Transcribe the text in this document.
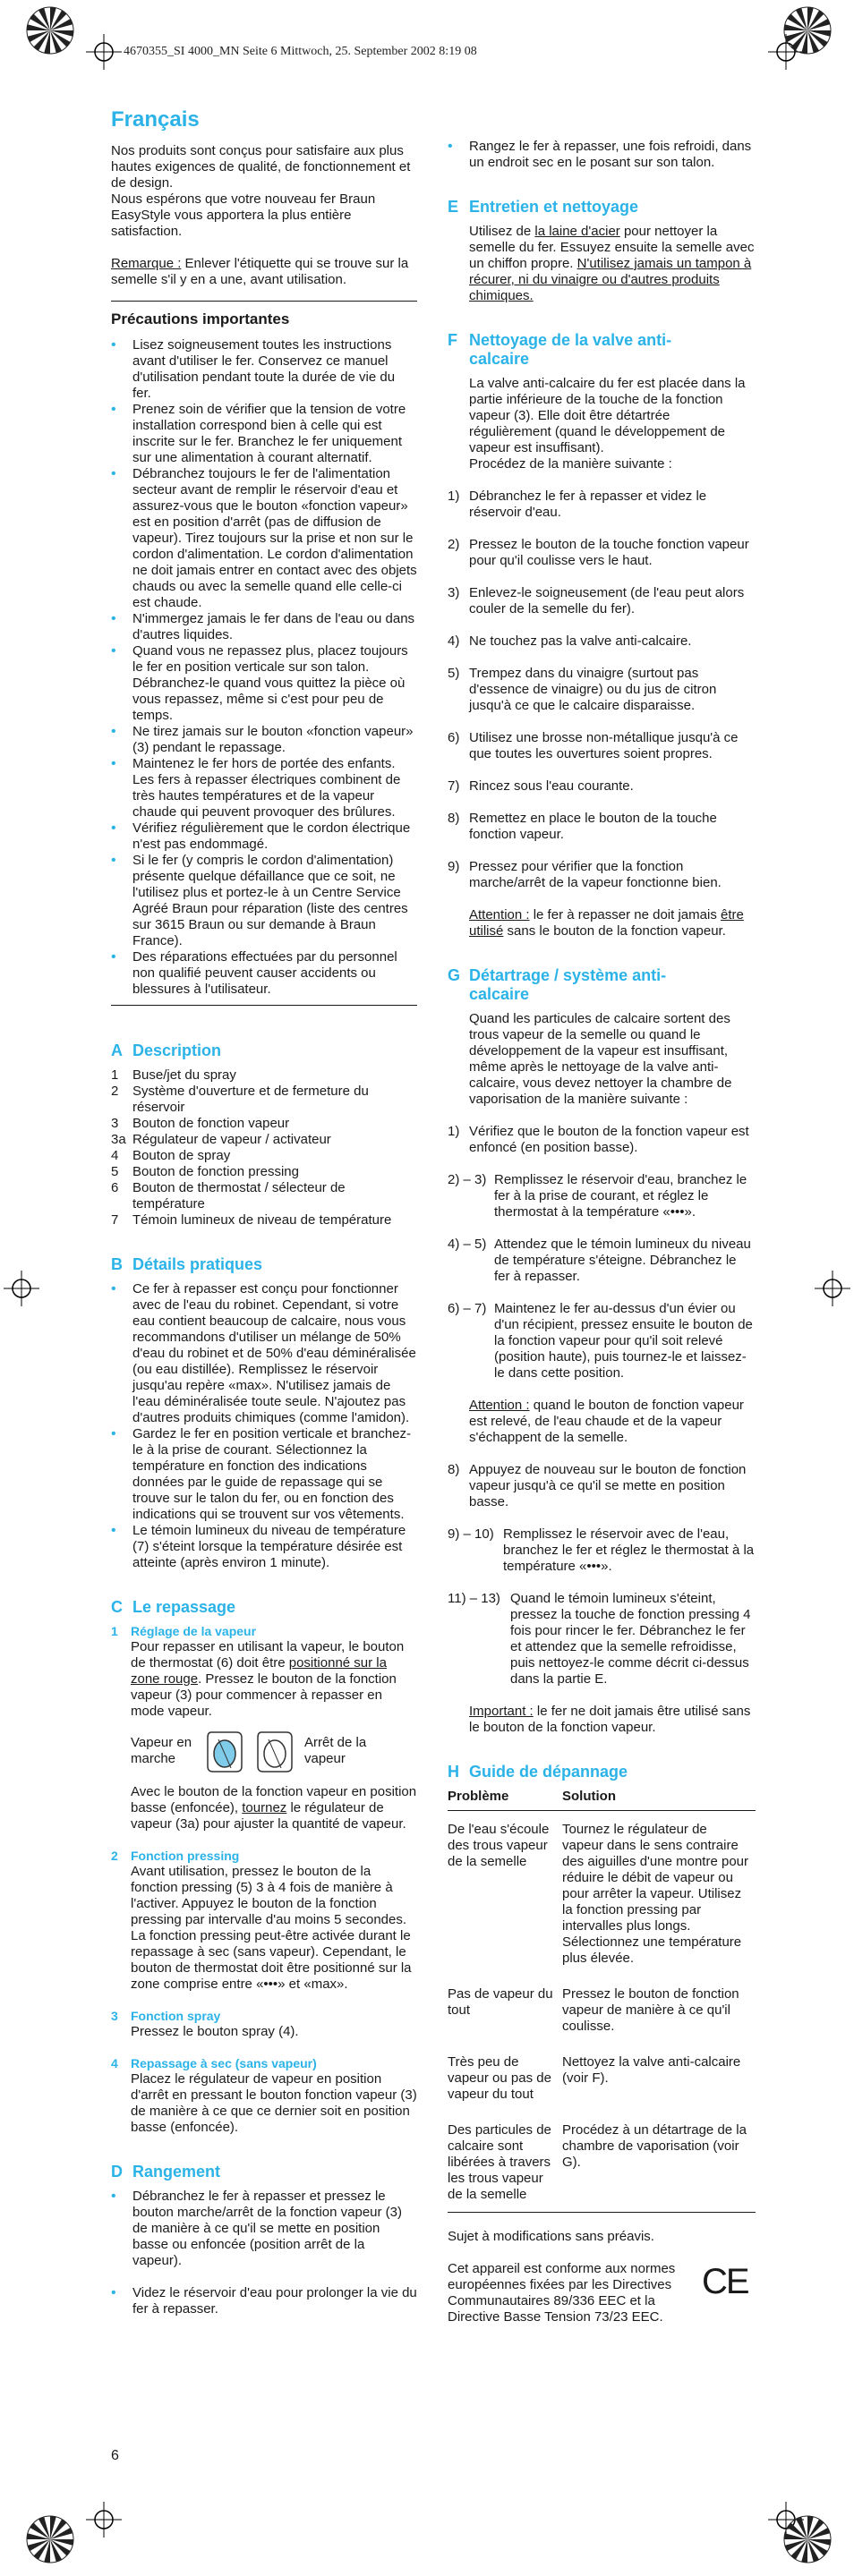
4670355_SI 4000_MN Seite 6 Mittwoch, 25. September 2002 8:19 08
Français

Nos produits sont conçus pour satisfaire aux plus hautes exigences de qualité, de fonctionnement et de design.

Nous espérons que votre nouveau fer Braun EasyStyle vous apportera la plus entière satisfaction.

Remarque : Enlever l'étiquette qui se trouve sur la semelle s'il y en a une, avant utilisation.

Précautions importantes
• Lisez soigneusement toutes les instructions avant d'utiliser le fer. Conservez ce manuel d'utilisation pendant toute la durée de vie du fer.
• Prenez soin de vérifier que la tension de votre installation correspond bien à celle qui est inscrite sur le fer. Branchez le fer uniquement sur une alimentation à courant alternatif.
• Débranchez toujours le fer de l'alimentation secteur avant de remplir le réservoir d'eau et assurez-vous que le bouton «fonction vapeur» est en position d'arrêt (pas de diffusion de vapeur). Tirez toujours sur la prise et non sur le cordon d'alimentation. Le cordon d'alimentation ne doit jamais entrer en contact avec des objets chauds ou avec la semelle quand elle celle-ci est chaude.
• N'immergez jamais le fer dans de l'eau ou dans d'autres liquides.
• Quand vous ne repassez plus, placez toujours le fer en position verticale sur son talon. Débranchez-le quand vous quittez la pièce où vous repassez, même si c'est pour peu de temps.
• Ne tirez jamais sur le bouton «fonction vapeur» (3) pendant le repassage.
• Maintenez le fer hors de portée des enfants. Les fers à repasser électriques combinent de très hautes températures et de la vapeur chaude qui peuvent provoquer des brûlures.
• Vérifiez régulièrement que le cordon électrique n'est pas endommagé.
• Si le fer (y compris le cordon d'alimentation) présente quelque défaillance que ce soit, ne l'utilisez plus et portez-le à un Centre Service Agréé Braun pour réparation (liste des centres sur 3615 Braun ou sur demande à Braun France).
• Des réparations effectuées par du personnel non qualifié peuvent causer accidents ou blessures à l'utilisateur.
A Description
1	Buse/jet du spray
2	Système d'ouverture et de fermeture du réservoir
3	Bouton de fonction vapeur
3a Régulateur de vapeur / activateur
4	Bouton de spray
5	Bouton de fonction pressing
6	Bouton de thermostat / sélecteur de température
7	Témoin lumineux de niveau de température
B Détails pratiques
• Ce fer à repasser est conçu pour fonctionner avec de l'eau du robinet. Cependant, si votre eau contient beaucoup de calcaire, nous vous recommandons d'utiliser un mélange de 50% d'eau du robinet et de 50% d'eau déminéralisée (ou eau distillée). Remplissez le réservoir jusqu'au repère «max». N'utilisez jamais de l'eau déminéralisée toute seule. N'ajoutez pas d'autres produits chimiques (comme l'amidon).
• Gardez le fer en position verticale et branchez-le à la prise de courant. Sélectionnez la température en fonction des indications données par le guide de repassage qui se trouve sur le talon du fer, ou en fonction des indications qui se trouvent sur vos vêtements.
• Le témoin lumineux du niveau de température (7) s'éteint lorsque la température désirée est atteinte (après environ 1 minute).
C Le repassage
1	Réglage de la vapeur

Pour repasser en utilisant la vapeur, le bouton de thermostat (6) doit être positionné sur la zone rouge. Pressez le bouton de la fonction vapeur (3) pour commencer à repasser en mode vapeur.

Vapeur en marche
Arrêt de la vapeur

Avec le bouton de la fonction vapeur en position basse (enfoncée), tournez le régulateur de vapeur (3a) pour ajuster la quantité de vapeur.

2	Fonction pressing

Avant utilisation, pressez le bouton de la fonction pressing (5) 3 à 4 fois de manière à l'activer. Appuyez le bouton de la fonction pressing par intervalle d'au moins 5 secondes.

La fonction pressing peut-être activée durant le repassage à sec (sans vapeur). Cependant, le bouton de thermostat doit être positionné sur la zone comprise entre «•••» et «max».

3	Fonction spray

Pressez le bouton spray (4).

4	Repassage à sec (sans vapeur)

Placez le régulateur de vapeur en position d'arrêt en pressant le bouton fonction vapeur (3) de manière à ce que ce dernier soit en position basse (enfoncée).

D Rangement
• Débranchez le fer à repasser et pressez le bouton marche/arrêt de la fonction vapeur (3) de manière à ce qu'il se mette en position basse ou enfoncée (position arrêt de la vapeur).
• Videz le réservoir d'eau pour prolonger la vie du fer à repasser.
• Rangez le fer à repasser, une fois refroidi, dans un endroit sec en le posant sur son talon.
E Entretien et nettoyage

Utilisez de la laine d'acier pour nettoyer la semelle du fer. Essuyez ensuite la semelle avec un chiffon propre. N'utilisez jamais un tampon à récurer, ni du vinaigre ou d'autres produits chimiques.

F Nettoyage de la valve anti-calcaire

La valve anti-calcaire du fer est placée dans la partie inférieure de la touche de la fonction vapeur (3). Elle doit être détartrée régulièrement (quand le développement de vapeur est insuffisant).

Procédez de la manière suivante :

1) Débranchez le fer à repasser et videz le réservoir d'eau.
2) Pressez le bouton de la touche fonction vapeur pour qu'il coulisse vers le haut.
3) Enlevez-le soigneusement (de l'eau peut alors couler de la semelle du fer).
4) Ne touchez pas la valve anti-calcaire.
5) Trempez dans du vinaigre (surtout pas d'essence de vinaigre) ou du jus de citron jusqu'à ce que le calcaire disparaisse.
6) Utilisez une brosse non-métallique jusqu'à ce que toutes les ouvertures soient propres.
7) Rincez sous l'eau courante.
8) Remettez en place le bouton de la touche fonction vapeur.
9) Pressez pour vérifier que la fonction marche/arrêt de la vapeur fonctionne bien.

Attention : le fer à repasser ne doit jamais être utilisé sans le bouton de la fonction vapeur.

G Détartrage / système anti-calcaire

Quand les particules de calcaire sortent des trous vapeur de la semelle ou quand le développement de la vapeur est insuffisant, même après le nettoyage de la valve anti-calcaire, vous devez nettoyer la chambre de vaporisation de la manière suivante :

1) Vérifiez que le bouton de la fonction vapeur est enfoncé (en position basse).
2) – 3) Remplissez le réservoir d'eau, branchez le fer à la prise de courant, et réglez le thermostat à la température «•••».
4) – 5) Attendez que le témoin lumineux du niveau de température s'éteigne. Débranchez le fer à repasser.
6) – 7) Maintenez le fer au-dessus d'un évier ou d'un récipient, pressez ensuite le bouton de la fonction vapeur pour qu'il soit relevé (position haute), puis tournez-le et laissez-le dans cette position.

Attention : quand le bouton de fonction vapeur est relevé, de l'eau chaude et de la vapeur s'échappent de la semelle.

8) Appuyez de nouveau sur le bouton de fonction vapeur jusqu'à ce qu'il se mette en position basse.
9) – 10) Remplissez le réservoir avec de l'eau, branchez le fer et réglez le thermostat à la température «•••».
11) – 13) Quand le témoin lumineux s'éteint, pressez la touche de fonction pressing 4 fois pour rincer le fer. Débranchez le fer et attendez que la semelle refroidisse, puis nettoyez-le comme décrit ci-dessus dans la partie E.

Important : le fer ne doit jamais être utilisé sans le bouton de la fonction vapeur.

H Guide de dépannage
Problème	Solution
De l'eau s'écoule des trous vapeur de la semelle	Tournez le régulateur de vapeur dans le sens contraire des aiguilles d'une montre pour réduire le débit de vapeur ou pour arrêter la vapeur. Utilisez la fonction pressing par intervalles plus longs. Sélectionnez une température plus élevée.
Pas de vapeur du tout	Pressez le bouton de fonction vapeur de manière à ce qu'il coulisse.
Très peu de vapeur ou pas de vapeur du tout	Nettoyez la valve anti-calcaire (voir F).
Des particules de calcaire sont libérées à travers les trous vapeur de la semelle	Procédez à un détartrage de la chambre de vaporisation (voir G).

Sujet à modifications sans préavis.

Cet appareil est conforme aux normes européennes fixées par les Directives Communautaires 89/336 EEC et la Directive Basse Tension 73/23 EEC.

CE
6
